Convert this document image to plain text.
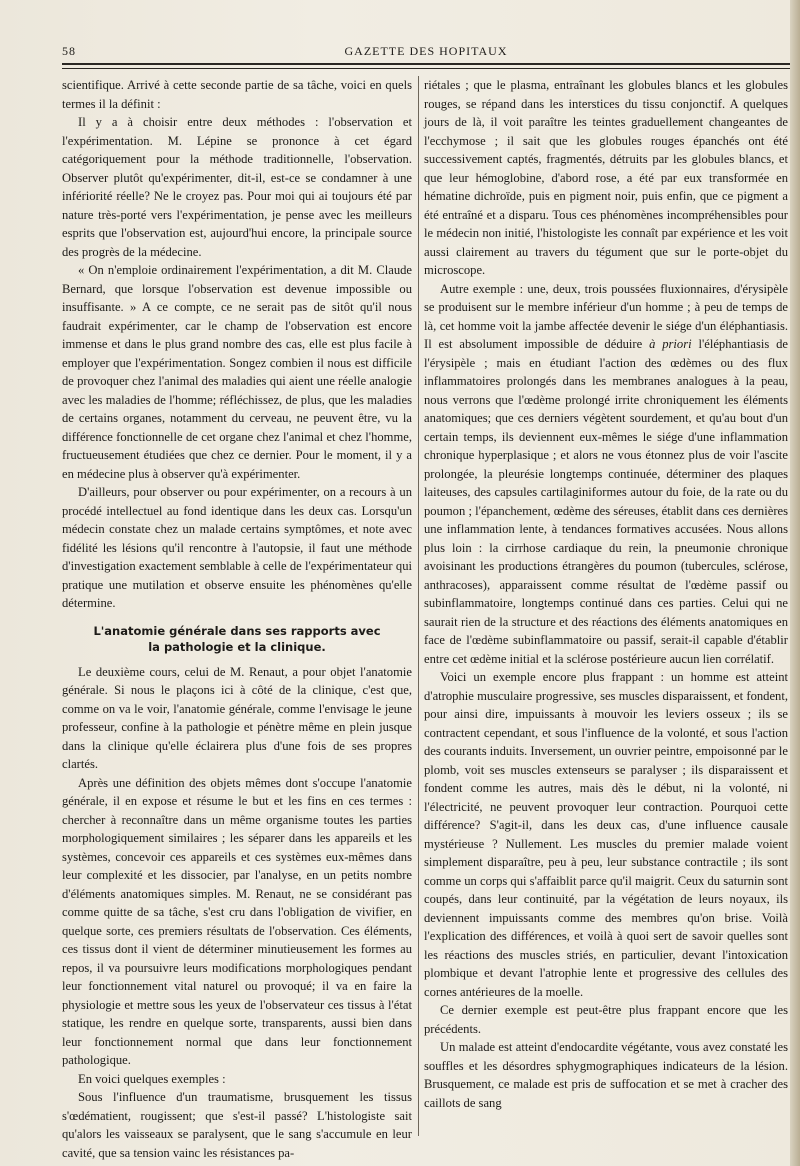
58	GAZETTE DES HOPITAUX

scientifique. Arrivé à cette seconde partie de sa tâche, voici en quels termes il la définit :

Il y a à choisir entre deux méthodes : l'observation et l'expérimentation. M. Lépine se prononce à cet égard catégoriquement pour la méthode traditionnelle, l'observation. Observer plutôt qu'expérimenter, dit-il, est-ce se condamner à une infériorité réelle? Ne le croyez pas. Pour moi qui ai toujours été par nature très-porté vers l'expérimentation, je pense avec les meilleurs esprits que l'observation est, aujourd'hui encore, la principale source des progrès de la médecine.

« On n'emploie ordinairement l'expérimentation, a dit M. Claude Bernard, que lorsque l'observation est devenue impossible ou insuffisante. » A ce compte, ce ne serait pas de sitôt qu'il nous faudrait expérimenter, car le champ de l'observation est encore immense et dans le plus grand nombre des cas, elle est plus facile à employer que l'expérimentation. Songez combien il nous est difficile de provoquer chez l'animal des maladies qui aient une réelle analogie avec les maladies de l'homme; réfléchissez, de plus, que les maladies de certains organes, notamment du cerveau, ne peuvent être, vu la différence fonctionnelle de cet organe chez l'animal et chez l'homme, fructueusement étudiées que chez ce dernier. Pour le moment, il y a en médecine plus à observer qu'à expérimenter.

D'ailleurs, pour observer ou pour expérimenter, on a recours à un procédé intellectuel au fond identique dans les deux cas. Lorsqu'un médecin constate chez un malade certains symptômes, et note avec fidélité les lésions qu'il rencontre à l'autopsie, il faut une méthode d'investigation exactement semblable à celle de l'expérimentateur qui pratique une mutilation et observe ensuite les phénomènes qu'elle détermine.

L'anatomie générale dans ses rapports avec
la pathologie et la clinique.

Le deuxième cours, celui de M. Renaut, a pour objet l'anatomie générale. Si nous le plaçons ici à côté de la clinique, c'est que, comme on va le voir, l'anatomie générale, comme l'envisage le jeune professeur, confine à la pathologie et pénètre même en plein jusque dans la clinique qu'elle éclairera plus d'une fois de ses propres clartés.

Après une définition des objets mêmes dont s'occupe l'anatomie générale, il en expose et résume le but et les fins en ces termes : chercher à reconnaître dans un même organisme toutes les parties morphologiquement similaires ; les séparer dans les appareils et les systèmes, concevoir ces appareils et ces systèmes eux-mêmes dans leur complexité et les dissocier, par l'analyse, en un petits nombre d'éléments anatomiques simples. M. Renaut, ne se considérant pas comme quitte de sa tâche, s'est cru dans l'obligation de vivifier, en quelque sorte, ces premiers résultats de l'observation. Ces éléments, ces tissus dont il vient de déterminer minutieusement les formes au repos, il va poursuivre leurs modifications morphologiques pendant leur fonctionnement vital naturel ou provoqué; il va en faire la physiologie et mettre sous les yeux de l'observateur ces tissus à l'état statique, les rendre en quelque sorte, transparents, aussi bien dans leur fonctionnement normal que dans leur fonctionnement pathologique.

En voici quelques exemples :

Sous l'influence d'un traumatisme, brusquement les tissus s'œdématient, rougissent; que s'est-il passé? L'histologiste sait qu'alors les vaisseaux se paralysent, que le sang s'accumule en leur cavité, que sa tension vainc les résistances pa-

riétales ; que le plasma, entraînant les globules blancs et les globules rouges, se répand dans les interstices du tissu conjonctif. A quelques jours de là, il voit paraître les teintes graduellement changeantes de l'ecchymose ; il sait que les globules rouges épanchés ont été successivement captés, fragmentés, détruits par les globules blancs, et que leur hémoglobine, d'abord rose, a été par eux transformée en hématine dichroïde, puis en pigment noir, puis enfin, que ce pigment a été entraîné et a disparu. Tous ces phénomènes incompréhensibles pour le médecin non initié, l'histologiste les connaît par expérience et les voit aussi clairement au travers du tégument que sur le porte-objet du microscope.

Autre exemple : une, deux, trois poussées fluxionnaires, d'érysipèle se produisent sur le membre inférieur d'un homme ; à peu de temps de là, cet homme voit la jambe affectée devenir le siége d'un éléphantiasis. Il est absolument impossible de déduire à priori l'éléphantiasis de l'érysipèle ; mais en étudiant l'action des œdèmes ou des flux inflammatoires prolongés dans les membranes analogues à la peau, nous verrons que l'œdème prolongé irrite chroniquement les éléments anatomiques; que ces derniers végètent sourdement, et qu'au bout d'un certain temps, ils deviennent eux-mêmes le siége d'une inflammation chronique hyperplasique ; et alors ne vous étonnez plus de voir l'ascite prolongée, la pleurésie longtemps continuée, déterminer des plaques laiteuses, des capsules cartilaginiformes autour du foie, de la rate ou du poumon ; l'épanchement, œdème des séreuses, établit dans ces dernières une inflammation lente, à tendances formatives accusées. Nous allons plus loin : la cirrhose cardiaque du rein, la pneumonie chronique avoisinant les productions étrangères du poumon (tubercules, sclérose, anthracoses), apparaissent comme résultat de l'œdème passif ou subinflammatoire, longtemps continué dans ces parties. Celui qui ne saurait rien de la structure et des réactions des éléments anatomiques en face de l'œdème subinflammatoire ou passif, serait-il capable d'établir entre cet œdème initial et la sclérose postérieure aucun lien corrélatif.

Voici un exemple encore plus frappant : un homme est atteint d'atrophie musculaire progressive, ses muscles disparaissent, et fondent, pour ainsi dire, impuissants à mouvoir les leviers osseux ; ils se contractent cependant, et sous l'influence de la volonté, et sous l'action des courants induits. Inversement, un ouvrier peintre, empoisonné par le plomb, voit ses muscles extenseurs se paralyser ; ils disparaissent et fondent comme les autres, mais dès le début, ni la volonté, ni l'électricité, ne peuvent provoquer leur contraction. Pourquoi cette différence? S'agit-il, dans les deux cas, d'une influence causale mystérieuse ? Nullement. Les muscles du premier malade voient simplement disparaître, peu à peu, leur substance contractile ; ils sont comme un corps qui s'affaiblit parce qu'il maigrit. Ceux du saturnin sont coupés, dans leur continuité, par la végétation de leurs noyaux, ils deviennent impuissants comme des membres qu'on brise. Voilà l'explication des différences, et voilà à quoi sert de savoir quelles sont les réactions des muscles striés, en particulier, devant l'intoxication plombique et devant l'atrophie lente et progressive des cellules des cornes antérieures de la moelle.

Ce dernier exemple est peut-être plus frappant encore que les précédents.

Un malade est atteint d'endocardite végétante, vous avez constaté les souffles et les désordres sphygmographiques indicateurs de la lésion. Brusquement, ce malade est pris de suffocation et se met à cracher des caillots de sang
